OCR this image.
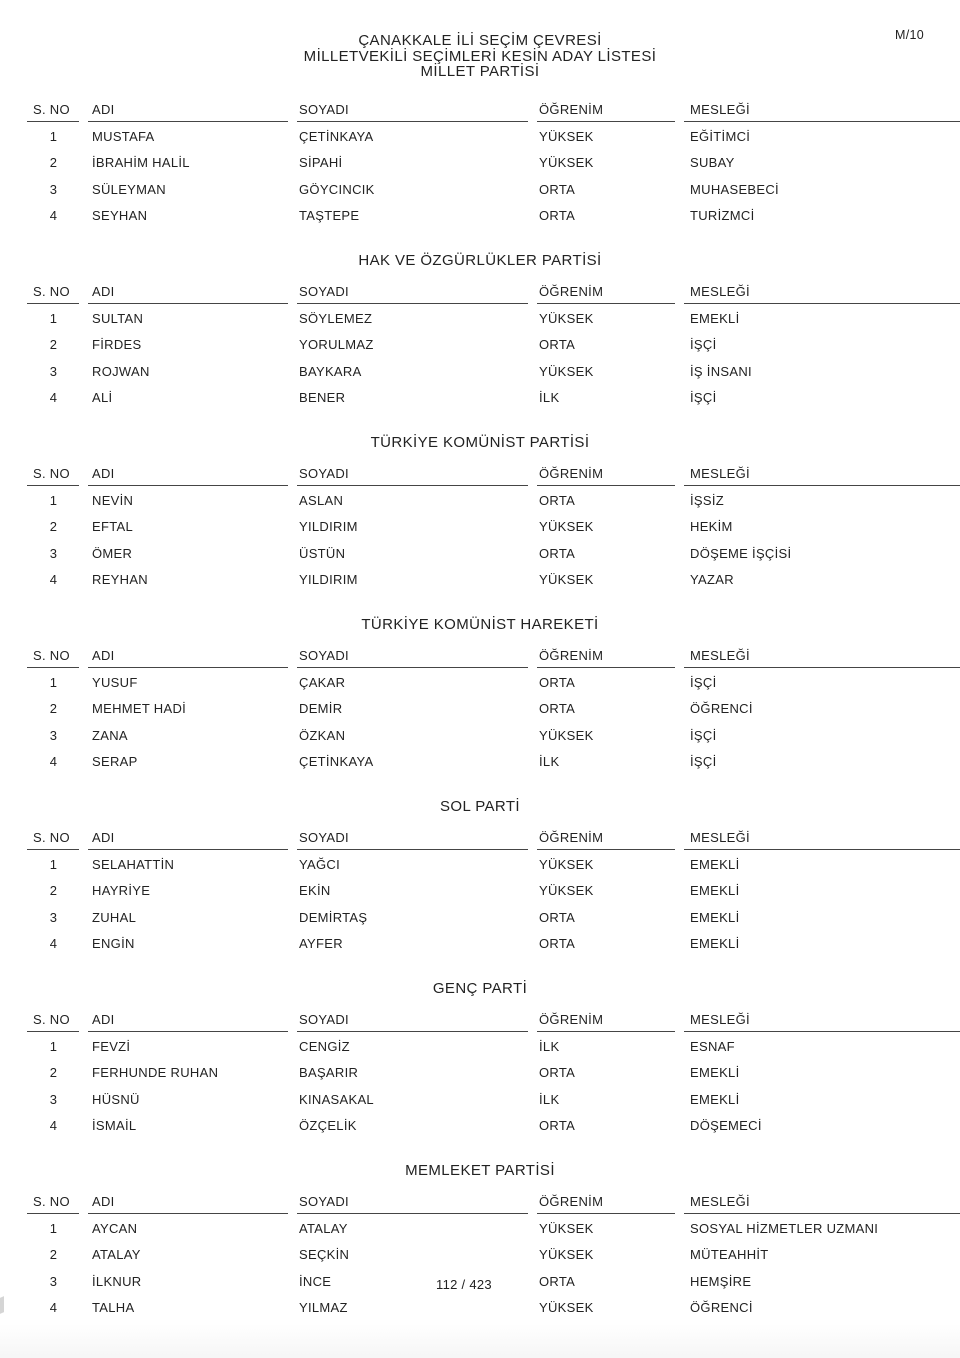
M/10
ÇANAKKALE İLİ SEÇİM ÇEVRESİ
MİLLETVEKİLİ SEÇİMLERİ KESİN ADAY LİSTESİ
MİLLET PARTİSİ
S. NO	ADI	SOYADI	ÖĞRENİM	MESLEĞİ
1	MUSTAFA	ÇETİNKAYA	YÜKSEK	EĞİTİMCİ
2	İBRAHİM HALİL	SİPAHİ	YÜKSEK	SUBAY
3	SÜLEYMAN	GÖYCINCIK	ORTA	MUHASEBECİ
4	SEYHAN	TAŞTEPE	ORTA	TURİZMCİ
HAK VE ÖZGÜRLÜKLER PARTİSİ
S. NO	ADI	SOYADI	ÖĞRENİM	MESLEĞİ
1	SULTAN	SÖYLEMEZ	YÜKSEK	EMEKLİ
2	FİRDES	YORULMAZ	ORTA	İŞÇİ
3	ROJWAN	BAYKARA	YÜKSEK	İŞ İNSANI
4	ALİ	BENER	İLK	İŞÇİ
TÜRKİYE KOMÜNİST PARTİSİ
S. NO	ADI	SOYADI	ÖĞRENİM	MESLEĞİ
1	NEVİN	ASLAN	ORTA	İŞSİZ
2	EFTAL	YILDIRIM	YÜKSEK	HEKİM
3	ÖMER	ÜSTÜN	ORTA	DÖŞEME İŞÇİSİ
4	REYHAN	YILDIRIM	YÜKSEK	YAZAR
TÜRKİYE KOMÜNİST HAREKETİ
S. NO	ADI	SOYADI	ÖĞRENİM	MESLEĞİ
1	YUSUF	ÇAKAR	ORTA	İŞÇİ
2	MEHMET HADİ	DEMİR	ORTA	ÖĞRENCİ
3	ZANA	ÖZKAN	YÜKSEK	İŞÇİ
4	SERAP	ÇETİNKAYA	İLK	İŞÇİ
SOL PARTİ
S. NO	ADI	SOYADI	ÖĞRENİM	MESLEĞİ
1	SELAHATTİN	YAĞCI	YÜKSEK	EMEKLİ
2	HAYRİYE	EKİN	YÜKSEK	EMEKLİ
3	ZUHAL	DEMİRTAŞ	ORTA	EMEKLİ
4	ENGİN	AYFER	ORTA	EMEKLİ
GENÇ PARTİ
S. NO	ADI	SOYADI	ÖĞRENİM	MESLEĞİ
1	FEVZİ	CENGİZ	İLK	ESNAF
2	FERHUNDE RUHAN	BAŞARIR	ORTA	EMEKLİ
3	HÜSNÜ	KINASAKAL	İLK	EMEKLİ
4	İSMAİL	ÖZÇELİK	ORTA	DÖŞEMECİ
MEMLEKET PARTİSİ
S. NO	ADI	SOYADI	ÖĞRENİM	MESLEĞİ
1	AYCAN	ATALAY	YÜKSEK	SOSYAL HİZMETLER UZMANI
2	ATALAY	SEÇKİN	YÜKSEK	MÜTEAHHİT
3	İLKNUR	İNCE	ORTA	HEMŞİRE
4	TALHA	YILMAZ	YÜKSEK	ÖĞRENCİ
112 / 423
